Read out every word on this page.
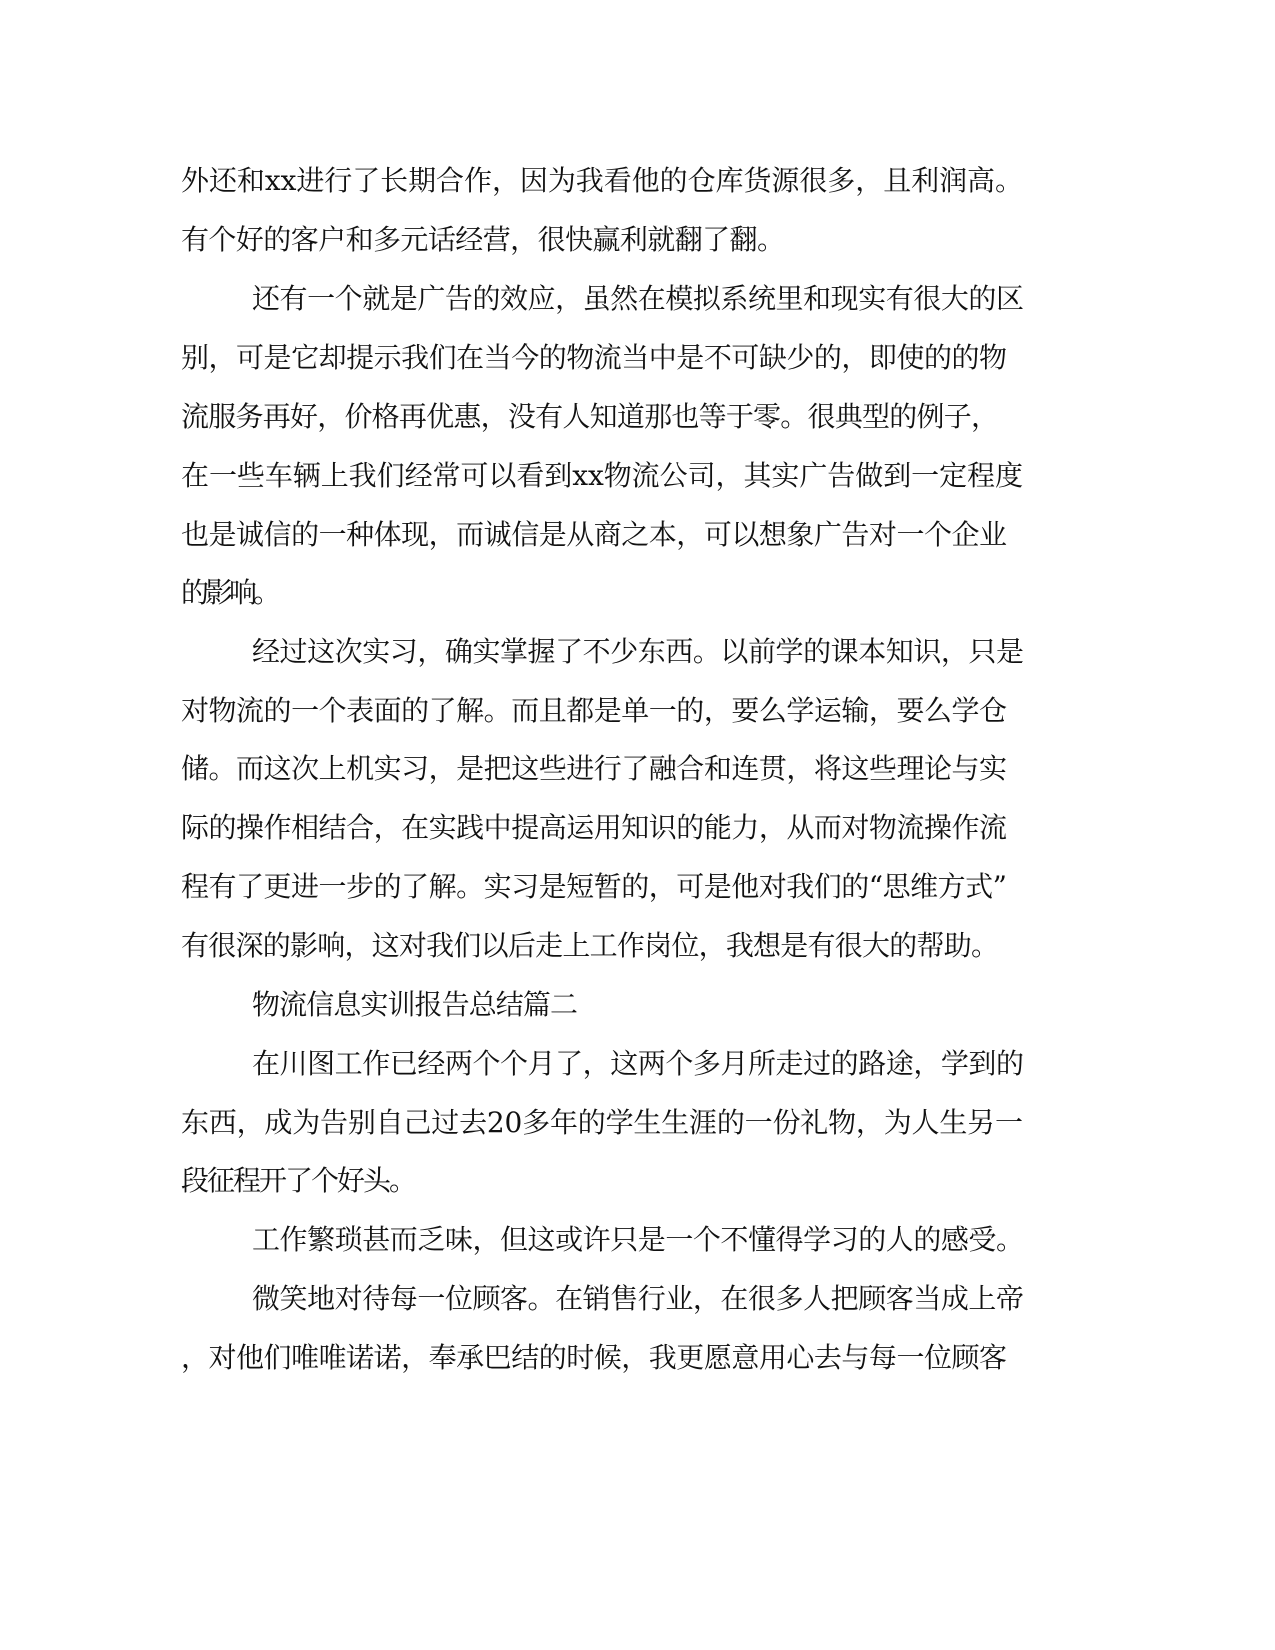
外还和xx进行了长期合作，因为我看他的仓库货源很多，且利润高。
有个好的客户和多元话经营，很快赢利就翻了翻。
还有一个就是广告的效应，虽然在模拟系统里和现实有很大的区
别，可是它却提示我们在当今的物流当中是不可缺少的，即使的的物
流服务再好，价格再优惠，没有人知道那也等于零。很典型的例子，
在一些车辆上我们经常可以看到xx物流公司，其实广告做到一定程度
也是诚信的一种体现，而诚信是从商之本，可以想象广告对一个企业
的影响。
经过这次实习，确实掌握了不少东西。以前学的课本知识，只是
对物流的一个表面的了解。而且都是单一的，要么学运输，要么学仓
储。而这次上机实习，是把这些进行了融合和连贯，将这些理论与实
际的操作相结合，在实践中提高运用知识的能力，从而对物流操作流
程有了更进一步的了解。实习是短暂的，可是他对我们的“思维方式”
有很深的影响，这对我们以后走上工作岗位，我想是有很大的帮助。
物流信息实训报告总结篇二
在川图工作已经两个个月了，这两个多月所走过的路途，学到的
东西，成为告别自己过去20多年的学生生涯的一份礼物，为人生另一
段征程开了个好头。
工作繁琐甚而乏味，但这或许只是一个不懂得学习的人的感受。
微笑地对待每一位顾客。在销售行业，在很多人把顾客当成上帝
，对他们唯唯诺诺，奉承巴结的时候，我更愿意用心去与每一位顾客
